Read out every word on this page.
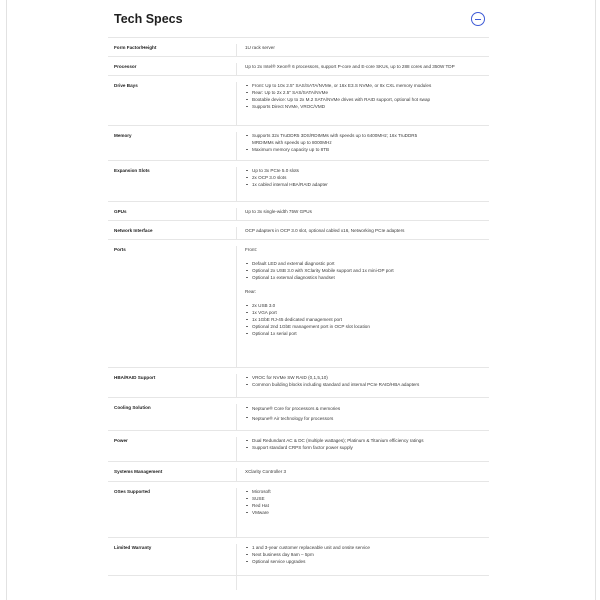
Tech Specs
Form Factor/Height	1U rack server
Processor	Up to 2x Intel® Xeon® 6 processors, support P-core and E-core SKUs, up to 288 cores and 350W TDP
Drive Bays	Front: Up to 10x 2.5" SAS/SATA/NVMe, or 16x E3.S NVMe, or 8x CXL memory modules
Rear: Up to 2x 2.5" SAS/SATA/NVMe
Bootable device: Up to 2x M.2 SATA/NVMe drives with RAID support, optional hot swap
Supports Direct NVMe, VROC/VMD
Memory	Supports 32x TruDDR5 3DS/RDIMMs with speeds up to 6400MHz; 16x TruDDR5 MRDIMMs with speeds up to 8000MHz
Maximum memory capacity up to 8TB
Expansion Slots	Up to 3x PCIe 5.0 slots
2x OCP 3.0 slots
1x cabled internal HBA/RAID adapter
GPUs	Up to 3x single-width 75W GPUs
Network Interface	OCP adapters in OCP 3.0 slot, optional cabled x16, Networking PCIe adapters
Ports	Front:
Default LED and external diagnostic port
Optional 2x USB 3.0 with XClarity Mobile support and 1x mini-DP port
Optional 1x external diagnostics handset
Rear:
2x USB 3.0
1x VGA port
1x 1GbE RJ-45 dedicated management port
Optional 2nd 1GbE management port in OCP slot location
Optional 1x serial port
HBA/RAID Support	VROC for NVMe SW RAID (0,1,5,10)
Common building blocks including standard and internal PCIe RAID/HBA adapters
Cooling Solution	Neptune® Core for processors & memories
Neptune® Air technology for processors
Power	Dual Redundant AC & DC (multiple wattages); Platinum & Titanium efficiency ratings
Support standard CRPS form factor power supply
Systems Management	XClarity Controller 3
OSes Supported	Microsoft
SUSE
Red Hat
VMware
Limited Warranty	1 and 3-year customer replaceable unit and onsite service
Next business day 9am – 5pm
Optional service upgrades
